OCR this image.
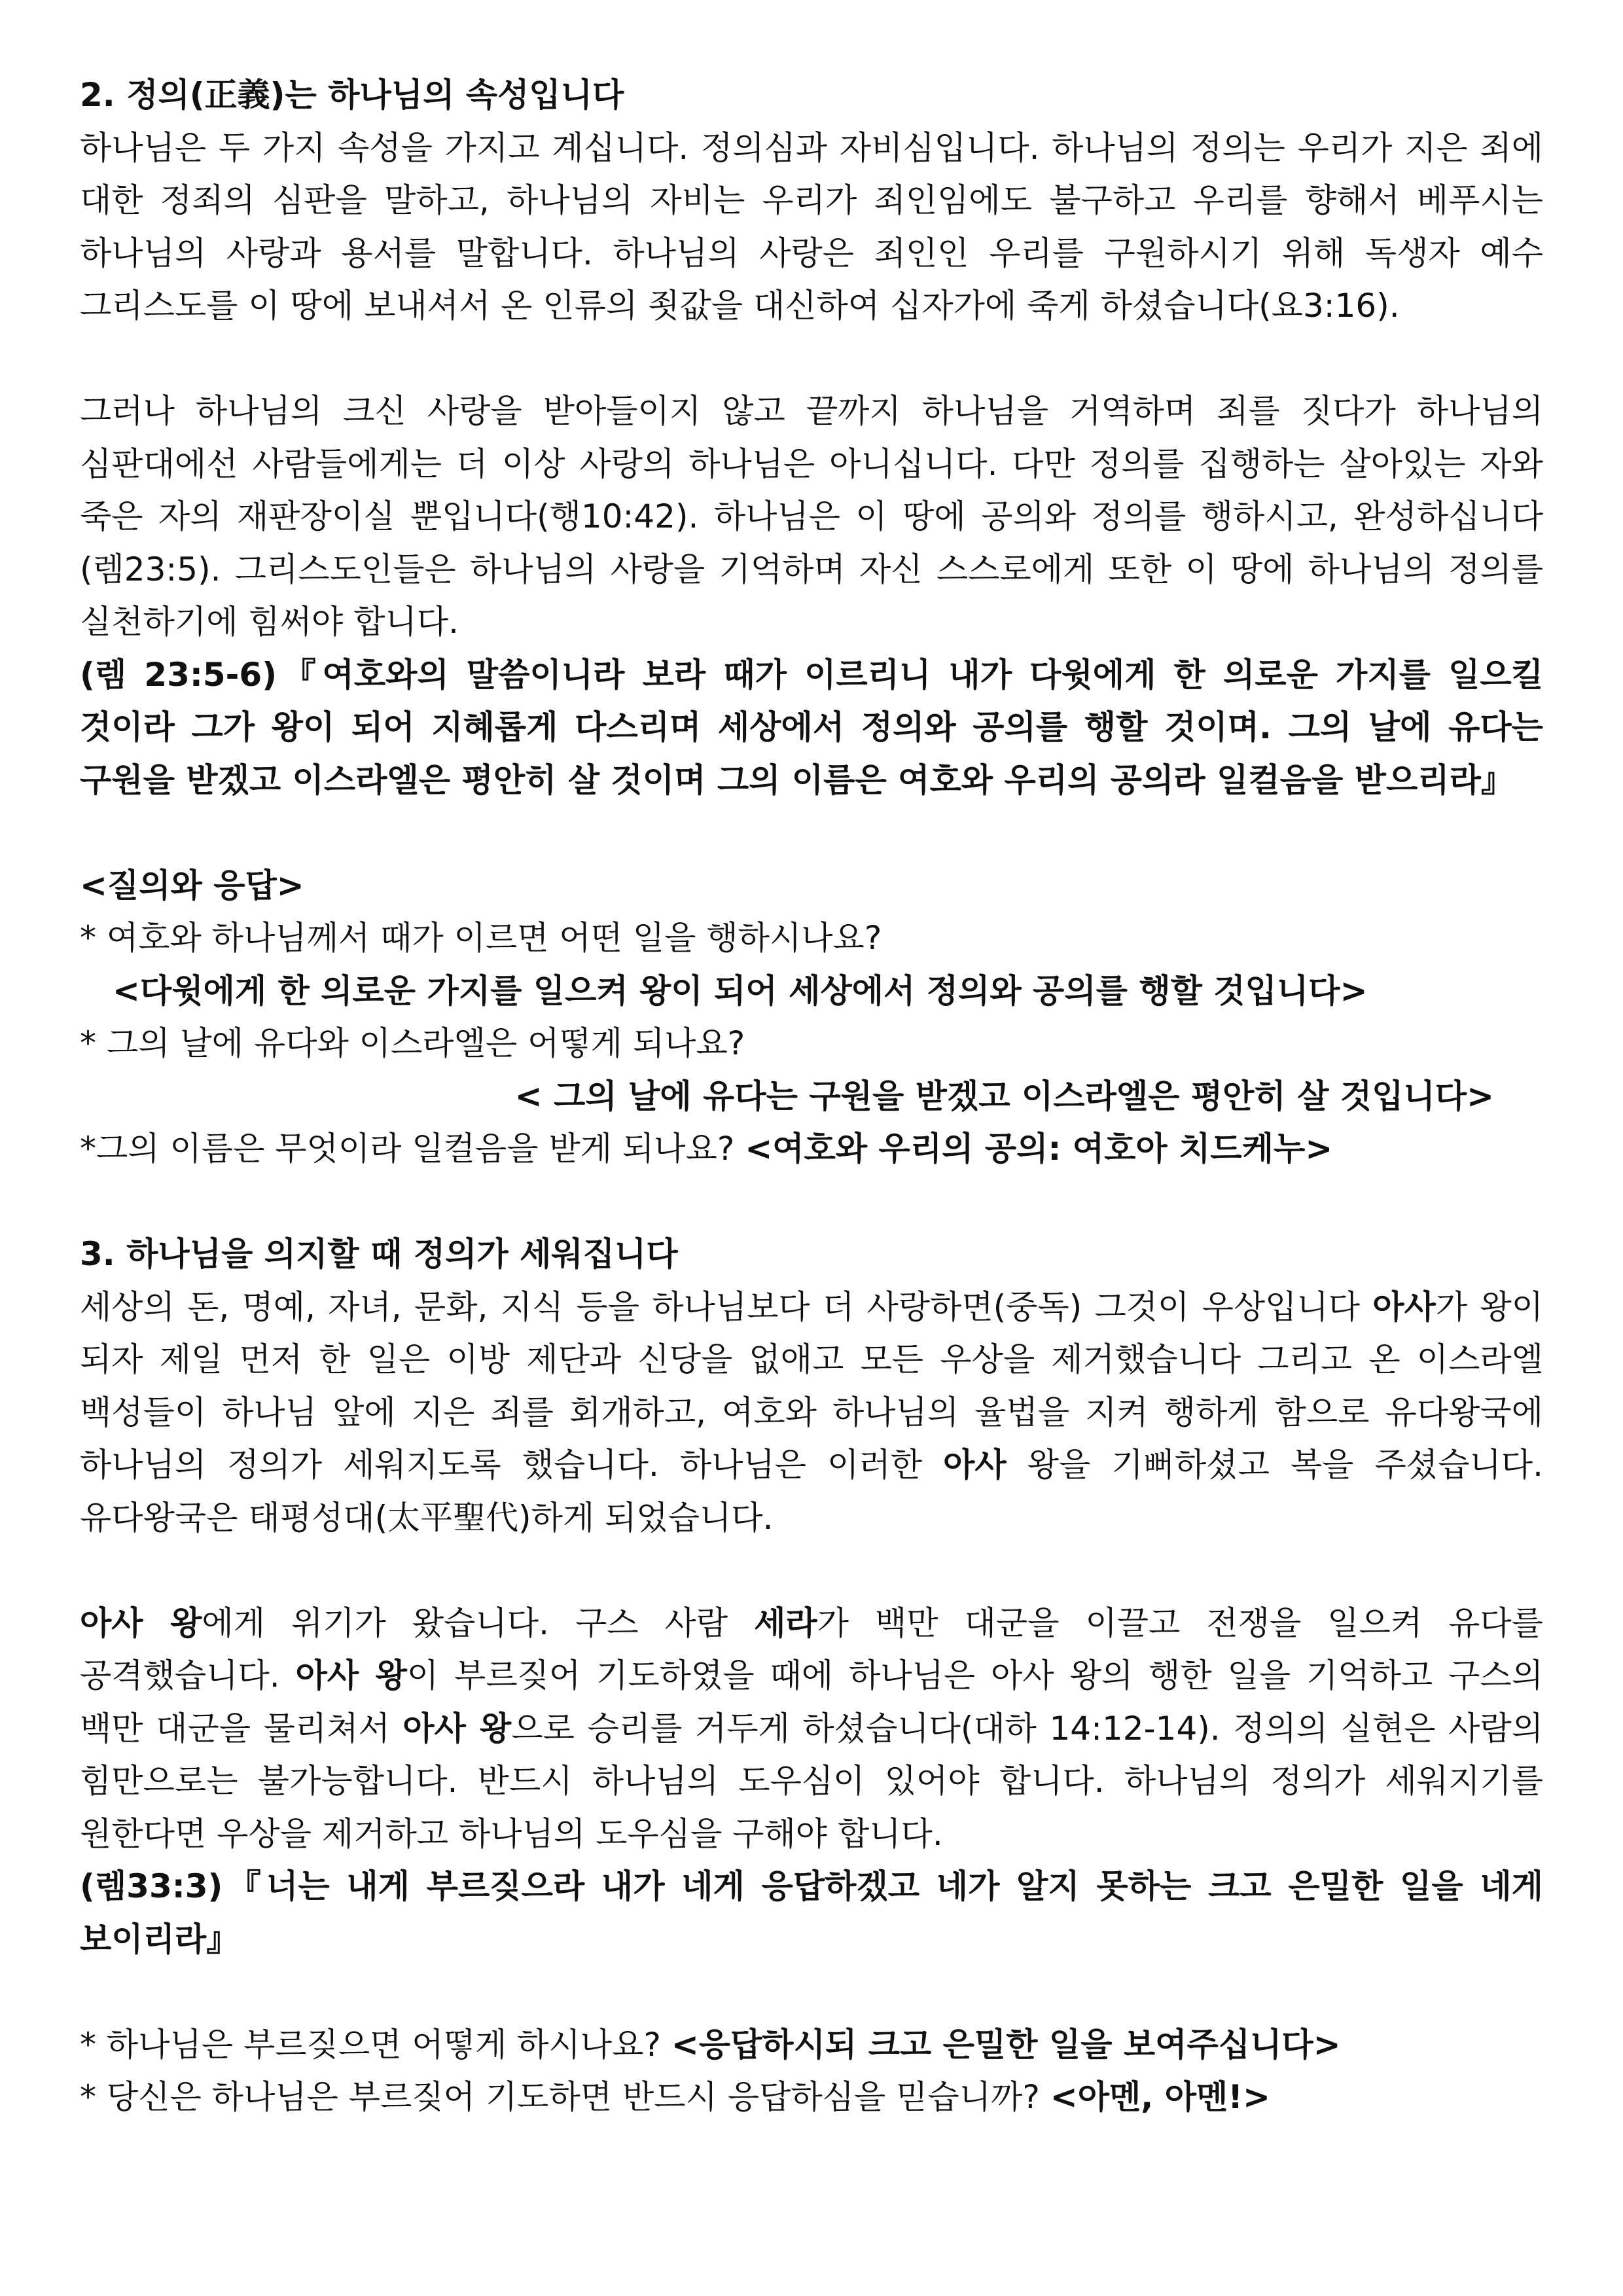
2. 정의(正義)는 하나님의 속성입니다

하나님은 두 가지 속성을 가지고 계십니다. 정의심과 자비심입니다. 하나님의 정의는 우리가 지은 죄에 대한 정죄의 심판을 말하고, 하나님의 자비는 우리가 죄인임에도 불구하고 우리를 향해서 베푸시는 하나님의 사랑과 용서를 말합니다. 하나님의 사랑은 죄인인 우리를 구원하시기 위해 독생자 예수 그리스도를 이 땅에 보내셔서 온 인류의 죗값을 대신하여 십자가에 죽게 하셨습니다(요3:16).

그러나 하나님의 크신 사랑을 받아들이지 않고 끝까지 하나님을 거역하며 죄를 짓다가 하나님의 심판대에선 사람들에게는 더 이상 사랑의 하나님은 아니십니다. 다만 정의를 집행하는 살아있는 자와 죽은 자의 재판장이실 뿐입니다(행10:42). 하나님은 이 땅에 공의와 정의를 행하시고, 완성하십니다(렘23:5). 그리스도인들은 하나님의 사랑을 기억하며 자신 스스로에게 또한 이 땅에 하나님의 정의를 실천하기에 힘써야 합니다.

(렘 23:5-6)『여호와의 말씀이니라 보라 때가 이르리니 내가 다윗에게 한 의로운 가지를 일으킬 것이라 그가 왕이 되어 지혜롭게 다스리며 세상에서 정의와 공의를 행할 것이며. 그의 날에 유다는 구원을 받겠고 이스라엘은 평안히 살 것이며 그의 이름은 여호와 우리의 공의라 일컬음을 받으리라』

<질의와 응답>

* 여호와 하나님께서 때가 이르면 어떤 일을 행하시나요?

<다윗에게 한 의로운 가지를 일으켜 왕이 되어 세상에서 정의와 공의를 행할 것입니다>

* 그의 날에 유다와 이스라엘은 어떻게 되나요?

< 그의 날에 유다는 구원을 받겠고 이스라엘은 평안히 살 것입니다>

*그의 이름은 무엇이라 일컬음을 받게 되나요? <여호와 우리의 공의: 여호아 치드케누>

3. 하나님을 의지할 때 정의가 세워집니다

세상의 돈, 명예, 자녀, 문화, 지식 등을 하나님보다 더 사랑하면(중독) 그것이 우상입니다 아사가 왕이 되자 제일 먼저 한 일은 이방 제단과 신당을 없애고 모든 우상을 제거했습니다 그리고 온 이스라엘 백성들이 하나님 앞에 지은 죄를 회개하고, 여호와 하나님의 율법을 지켜 행하게 함으로 유다왕국에 하나님의 정의가 세워지도록 했습니다. 하나님은 이러한 아사 왕을 기뻐하셨고 복을 주셨습니다. 유다왕국은 태평성대(太平聖代)하게 되었습니다.

아사 왕에게 위기가 왔습니다. 구스 사람 세라가 백만 대군을 이끌고 전쟁을 일으켜 유다를 공격했습니다. 아사 왕이 부르짖어 기도하였을 때에 하나님은 아사 왕의 행한 일을 기억하고 구스의 백만 대군을 물리쳐서 아사 왕으로 승리를 거두게 하셨습니다(대하 14:12-14). 정의의 실현은 사람의 힘만으로는 불가능합니다. 반드시 하나님의 도우심이 있어야 합니다. 하나님의 정의가 세워지기를 원한다면 우상을 제거하고 하나님의 도우심을 구해야 합니다.

(렘33:3)『너는 내게 부르짖으라 내가 네게 응답하겠고 네가 알지 못하는 크고 은밀한 일을 네게 보이리라』

* 하나님은 부르짖으면 어떻게 하시나요? <응답하시되 크고 은밀한 일을 보여주십니다>

* 당신은 하나님은 부르짖어 기도하면 반드시 응답하심을 믿습니까? <아멘, 아멘!>
